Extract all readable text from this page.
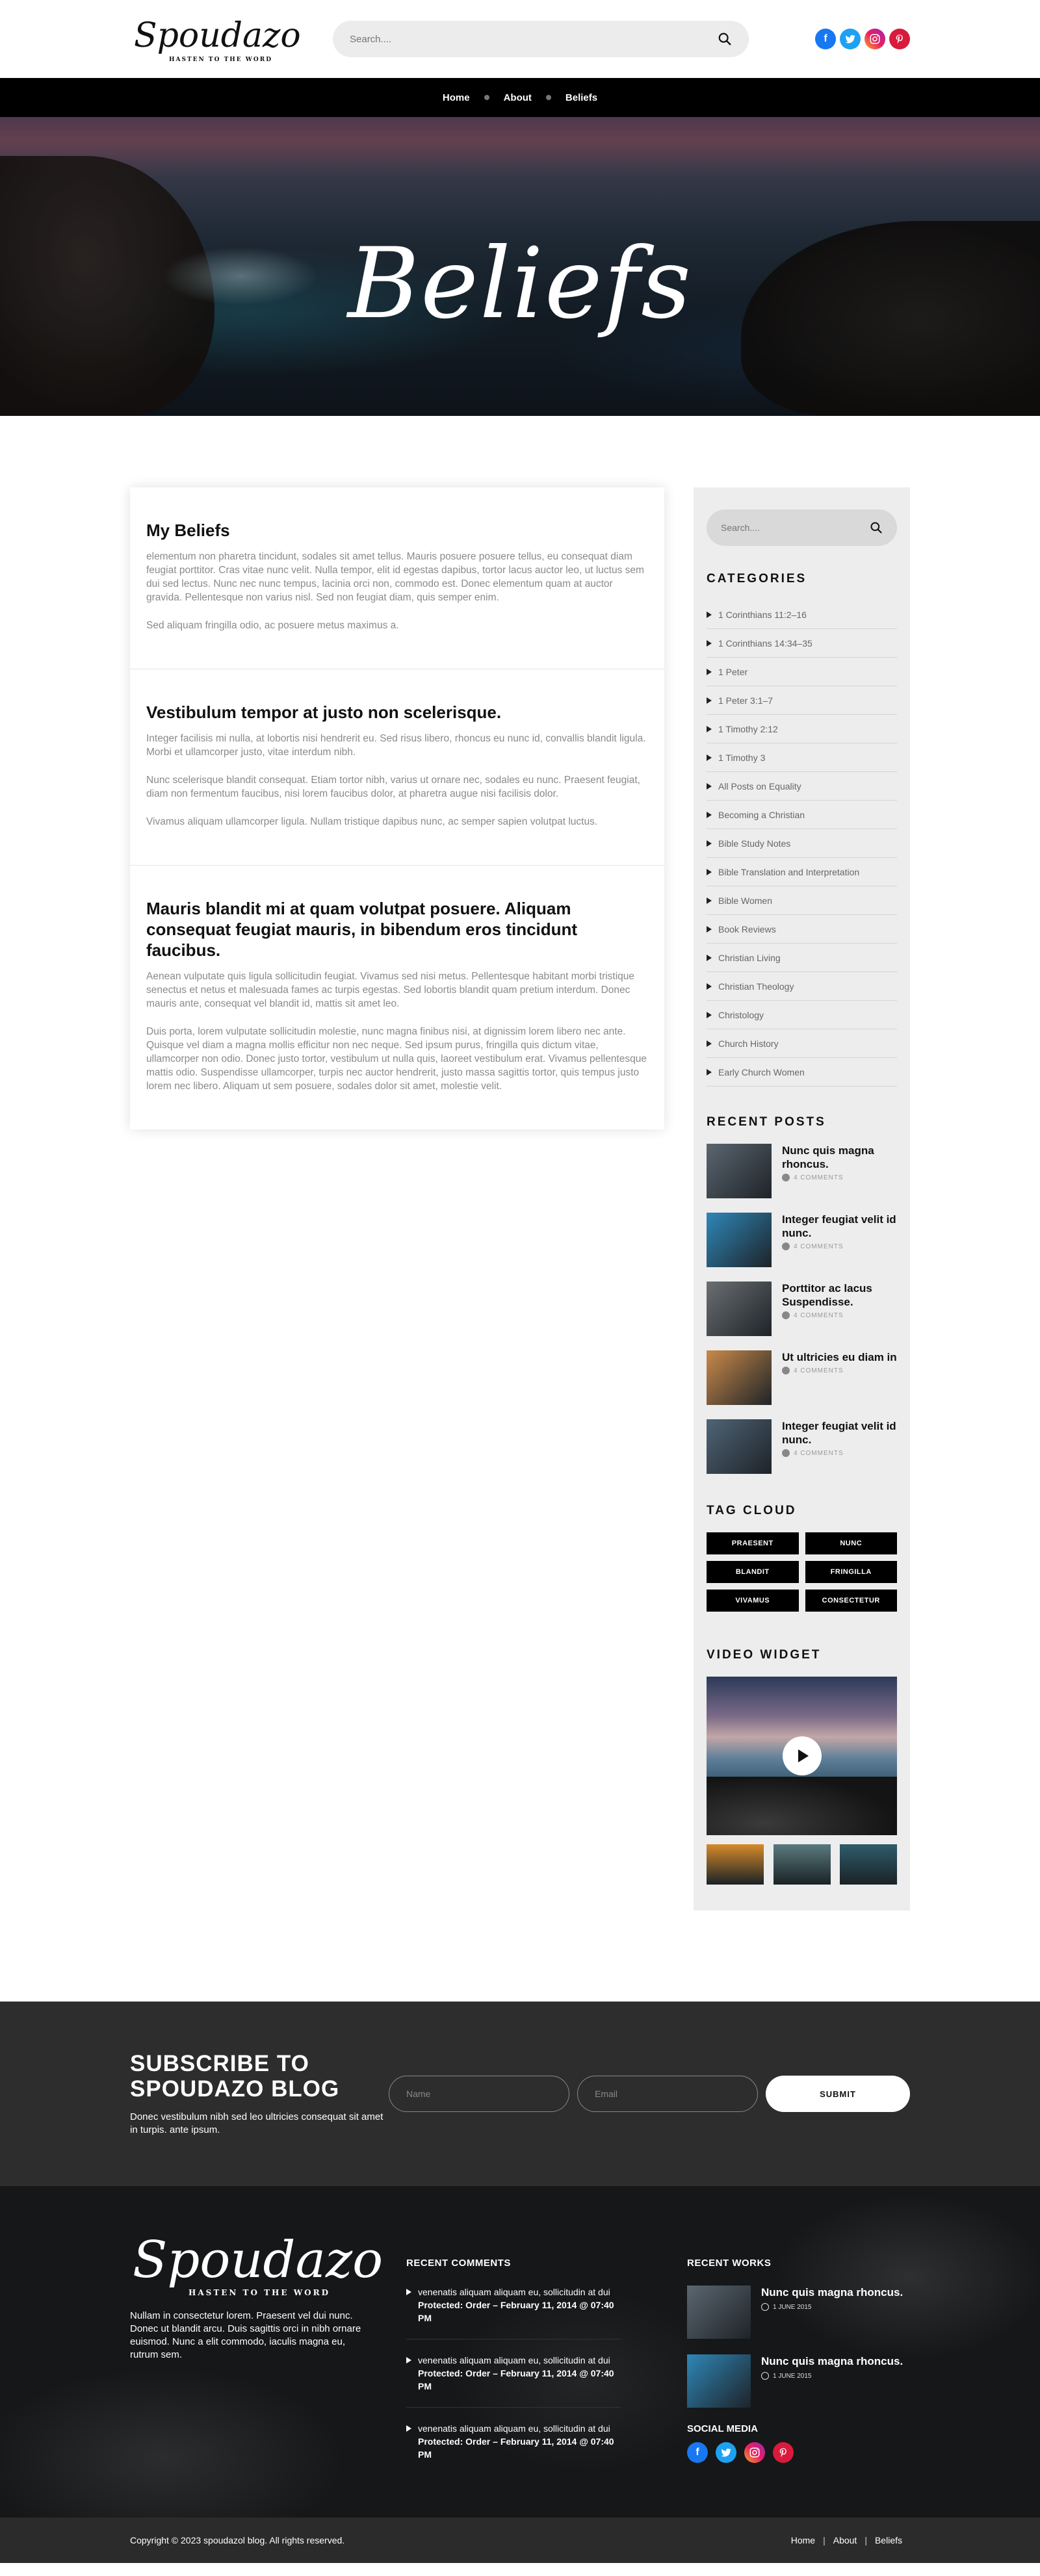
Spoudazo
HASTEN TO THE WORD
Search....
f
Home	About	Beliefs
Beliefs
My Beliefs

elementum non pharetra tincidunt, sodales sit amet tellus. Mauris posuere posuere tellus, eu consequat diam feugiat porttitor. Cras vitae nunc velit. Nulla tempor, elit id egestas dapibus, tortor lacus auctor leo, ut luctus sem dui sed lectus. Nunc nec nunc tempus, lacinia orci non, commodo est. Donec elementum quam at auctor gravida. Pellentesque non varius nisl. Sed non feugiat diam, quis semper enim.

Sed aliquam fringilla odio, ac posuere metus maximus a.

Vestibulum tempor at justo non scelerisque.

Integer facilisis mi nulla, at lobortis nisi hendrerit eu. Sed risus libero, rhoncus eu nunc id, convallis blandit ligula. Morbi et ullamcorper justo, vitae interdum nibh.

Nunc scelerisque blandit consequat. Etiam tortor nibh, varius ut ornare nec, sodales eu nunc. Praesent feugiat, diam non fermentum faucibus, nisi lorem faucibus dolor, at pharetra augue nisi facilisis dolor.

Vivamus aliquam ullamcorper ligula. Nullam tristique dapibus nunc, ac semper sapien volutpat luctus.

Mauris blandit mi at quam volutpat posuere. Aliquam consequat feugiat mauris, in bibendum eros tincidunt faucibus.

Aenean vulputate quis ligula sollicitudin feugiat. Vivamus sed nisi metus. Pellentesque habitant morbi tristique senectus et netus et malesuada fames ac turpis egestas. Sed lobortis blandit quam pretium interdum. Donec mauris ante, consequat vel blandit id, mattis sit amet leo.

Duis porta, lorem vulputate sollicitudin molestie, nunc magna finibus nisi, at dignissim lorem libero nec ante. Quisque vel diam a magna mollis efficitur non nec neque. Sed ipsum purus, fringilla quis dictum vitae, ullamcorper non odio. Donec justo tortor, vestibulum ut nulla quis, laoreet vestibulum erat. Vivamus pellentesque mattis odio. Suspendisse ullamcorper, turpis nec auctor hendrerit, justo massa sagittis tortor, quis tempus justo lorem nec libero. Aliquam ut sem posuere, sodales dolor sit amet, molestie velit.

Search....
CATEGORIES
1 Corinthians 11:2–16
1 Corinthians 14:34–35
1 Peter
1 Peter 3:1–7
1 Timothy 2:12
1 Timothy 3
All Posts on Equality
Becoming a Christian
Bible Study Notes
Bible Translation and Interpretation
Bible Women
Book Reviews
Christian Living
Christian Theology
Christology
Church History
Early Church Women
RECENT POSTS
Nunc quis magna rhoncus.
4 COMMENTS
Integer feugiat velit id nunc.
4 COMMENTS
Porttitor ac lacus Suspendisse.
4 COMMENTS
Ut ultricies eu diam in
4 COMMENTS
Integer feugiat velit id nunc.
4 COMMENTS
TAG CLOUD
PRAESENT	NUNC
BLANDIT	FRINGILLA
VIVAMUS	CONSECTETUR
VIDEO WIDGET
SUBSCRIBE TO SPOUDAZO BLOG

Donec vestibulum nibh sed leo ultricies consequat sit amet in turpis. ante ipsum.

Name
Email
SUBMIT
Spoudazo
HASTEN TO THE WORD

Nullam in consectetur lorem. Praesent vel dui nunc. Donec ut blandit arcu. Duis sagittis orci in nibh ornare euismod. Nunc a elit commodo, iaculis magna eu, rutrum sem.

RECENT COMMENTS
venenatis aliquam aliquam eu, sollicitudin at dui Protected: Order – February 11, 2014 @ 07:40 PM
venenatis aliquam aliquam eu, sollicitudin at dui Protected: Order – February 11, 2014 @ 07:40 PM
venenatis aliquam aliquam eu, sollicitudin at dui Protected: Order – February 11, 2014 @ 07:40 PM
RECENT WORKS
Nunc quis magna rhoncus.
1 JUNE 2015
Nunc quis magna rhoncus.
1 JUNE 2015
SOCIAL MEDIA
f
Copyright © 2023 spoudazol blog. All rights reserved.	Home | About | Beliefs
